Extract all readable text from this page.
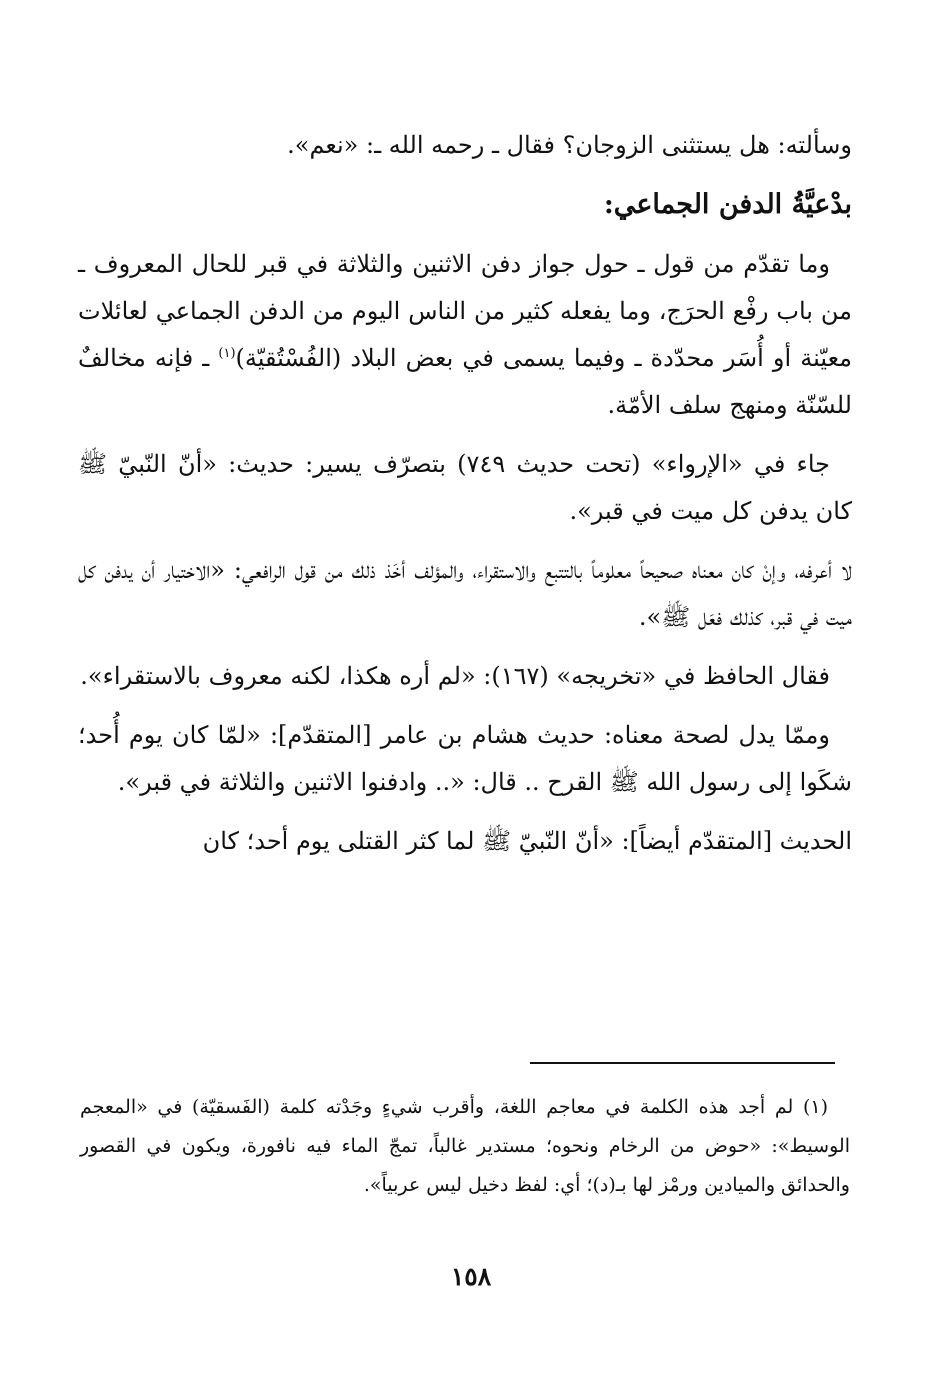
وسألته: هل يستثنى الزوجان؟ فقال ـ رحمه الله ـ: «نعم».

بدْعيَّةُ الدفن الجماعي:

وما تقدّم من قول ـ حول جواز دفن الاثنين والثلاثة في قبر للحال المعروف ـ من باب رفْع الحرَج، وما يفعله كثير من الناس اليوم من الدفن الجماعي لعائلات معيّنة أو أُسَر محدّدة ـ وفيما يسمى في بعض البلاد (الفُسْتُقيّة)$^{(١)}$ ـ فإنه مخالفٌ للسّنّة ومنهج سلف الأمّة.

جاء في «الإرواء» (تحت حديث ٧٤٩) بتصرّف يسير: حديث: «أنّ النّبيّ ﷺ كان يدفن كل ميت في قبر».

لا أعرفه، وإنْ كان معناه صحيحاً معلوماً بالتتبع والاستقراء، والمؤلف أخَذ ذلك من قول الرافعي: «الاختيار أن يدفن كل ميت في قبر، كذلك فعَل ﷺ».

فقال الحافظ في «تخريجه» (١٦٧): «لم أره هكذا، لكنه معروف بالاستقراء».

وممّا يدل لصحة معناه: حديث هشام بن عامر [المتقدّم]: «لمّا كان يوم أُحد؛ شكَوا إلى رسول الله ﷺ القرح .. قال: «.. وادفنوا الاثنين والثلاثة في قبر».

الحديث [المتقدّم أيضاً]: «أنّ النّبيّ ﷺ لما كثر القتلى يوم أحد؛ كان

(١) لم أجد هذه الكلمة في معاجم اللغة، وأقرب شيءٍ وجَدْته كلمة (الفَسقيّة) في «المعجم الوسيط»: «حوض من الرخام ونحوه؛ مستدير غالباً، تمجّ الماء فيه نافورة، ويكون في القصور والحدائق والميادين ورمْز لها بـ(د)؛ أي: لفظ دخيل ليس عربياً».

١٥٨
